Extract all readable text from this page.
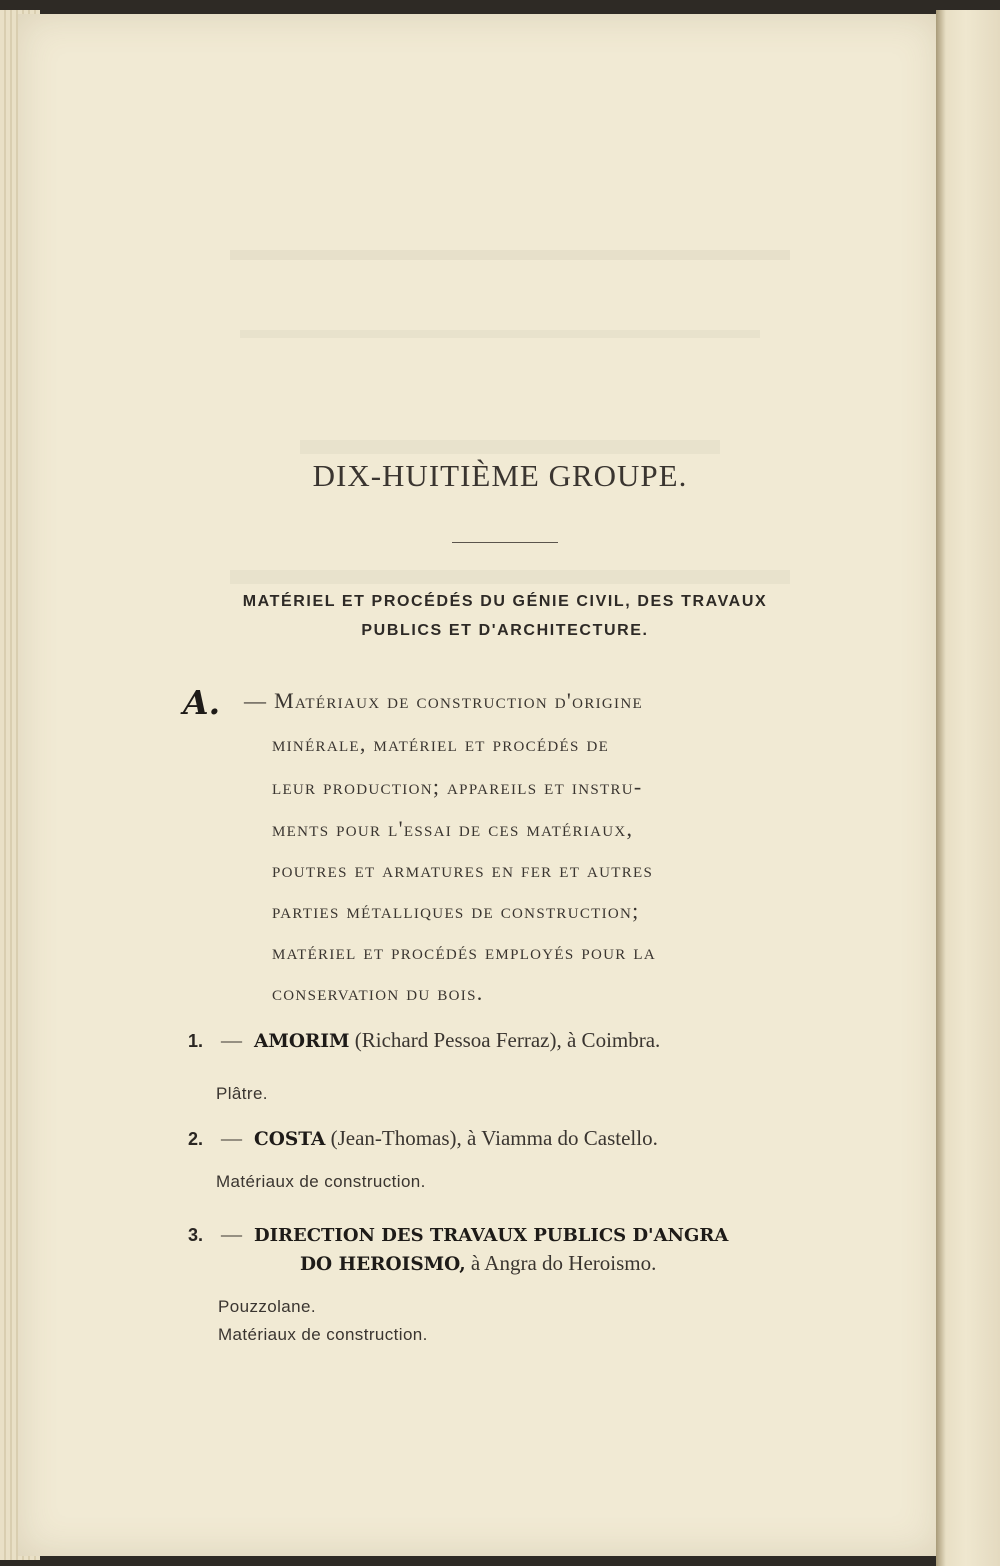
DIX-HUITIÈME GROUPE.
MATÉRIEL ET PROCÉDÉS DU GÉNIE CIVIL, DES TRAVAUX
PUBLICS ET D'ARCHITECTURE.
A. — Matériaux de construction d'origine
minérale, matériel et procédés de
leur production; appareils et instru-
ments pour l'essai de ces matériaux,
poutres et armatures en fer et autres
parties métalliques de construction;
matériel et procédés employés pour la
conservation du bois.
1. — AMORIM (Richard Pessoa Ferraz), à Coimbra.
Plâtre.
2. — COSTA (Jean-Thomas), à Viamma do Castello.
Matériaux de construction.
3. — DIRECTION DES TRAVAUX PUBLICS D'ANGRA
DO HEROISMO, à Angra do Heroismo.
Pouzzolane.
Matériaux de construction.
